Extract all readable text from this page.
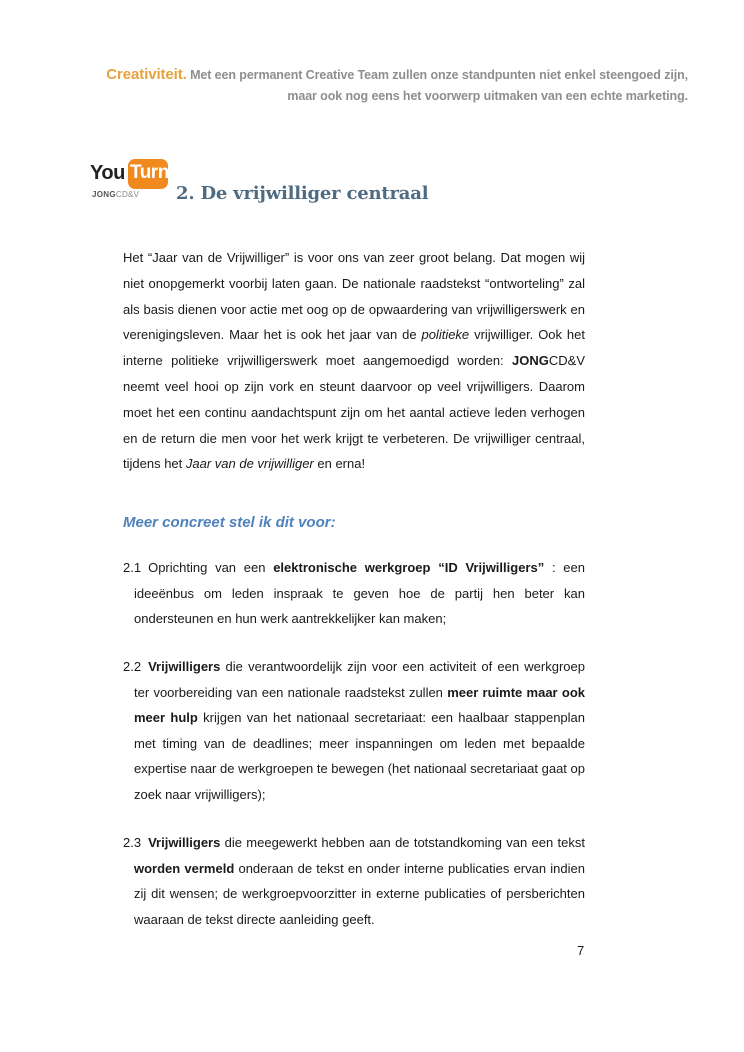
Creativiteit. Met een permanent Creative Team zullen onze standpunten niet enkel steengoed zijn,
maar ook nog eens het voorwerp uitmaken van een echte marketing.
You Turn
JONGCD&V 2. De vrijwilliger centraal

Het “Jaar van de Vrijwilliger” is voor ons van zeer groot belang. Dat mogen wij niet onopgemerkt voorbij laten gaan. De nationale raadstekst “ontworteling” zal als basis dienen voor actie met oog op de opwaardering van vrijwilligerswerk en verenigingsleven. Maar het is ook het jaar van de politieke vrijwilliger. Ook het interne politieke vrijwilligerswerk moet aangemoedigd worden: JONGCD&V neemt veel hooi op zijn vork en steunt daarvoor op veel vrijwilligers. Daarom moet het een continu aandachtspunt zijn om het aantal actieve leden verhogen en de return die men voor het werk krijgt te verbeteren. De vrijwilliger centraal, tijdens het Jaar van de vrijwilliger en erna!

Meer concreet stel ik dit voor:

2.1 Oprichting van een elektronische werkgroep “ID Vrijwilligers” : een ideeënbus om leden inspraak te geven hoe de partij hen beter kan ondersteunen en hun werk aantrekkelijker kan maken;

2.2 Vrijwilligers die verantwoordelijk zijn voor een activiteit of een werkgroep ter voorbereiding van een nationale raadstekst zullen meer ruimte maar ook meer hulp krijgen van het nationaal secretariaat: een haalbaar stappenplan met timing van de deadlines; meer inspanningen om leden met bepaalde expertise naar de werkgroepen te bewegen (het nationaal secretariaat gaat op zoek naar vrijwilligers);

2.3 Vrijwilligers die meegewerkt hebben aan de totstandkoming van een tekst worden vermeld onderaan de tekst en onder interne publicaties ervan indien zij dit wensen; de werkgroepvoorzitter in externe publicaties of persberichten waaraan de tekst directe aanleiding geeft.

7
